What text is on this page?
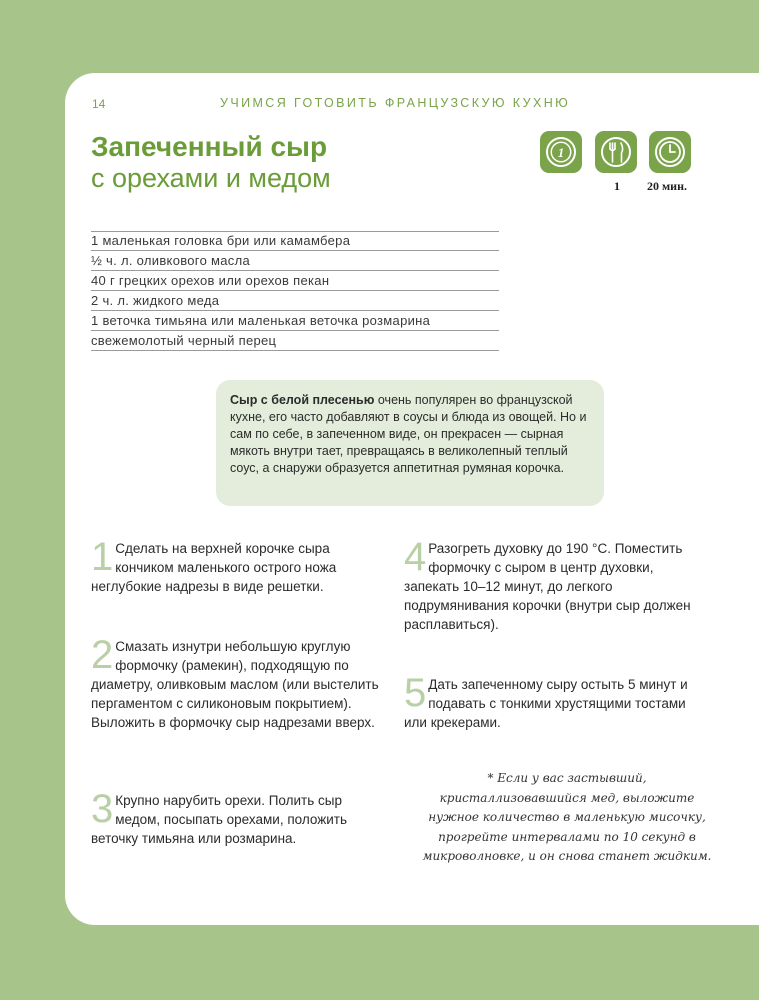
14	УЧИМСЯ ГОТОВИТЬ ФРАНЦУЗСКУЮ КУХНЮ
Запеченный сыр
с орехами и медом
1
1 20 мин.
1 маленькая головка бри или камамбера
½ ч. л. оливкового масла
40 г грецких орехов или орехов пекан
2 ч. л. жидкого меда
1 веточка тимьяна или маленькая веточка розмарина
свежемолотый черный перец
Сыр с белой плесенью очень популярен во французской кухне, его часто добавляют в соусы и блюда из овощей. Но и сам по себе, в запеченном виде, он прекрасен — сырная мякоть внутри тает, превращаясь в великолепный теплый соус, а снаружи образуется аппетитная румяная корочка.
1 Сделать на верхней корочке сыра кончиком маленького острого ножа неглубокие надрезы в виде решетки.
2 Смазать изнутри небольшую круглую формочку (рамекин), подходящую по диаметру, оливковым маслом (или выстелить пергаментом с силиконовым покрытием). Выложить в формочку сыр надрезами вверх.
3 Крупно нарубить орехи. Полить сыр медом, посыпать орехами, положить веточку тимьяна или розмарина.
4 Разогреть духовку до 190 °С. Поместить формочку с сыром в центр духовки, запекать 10–12 минут, до легкого подрумянивания корочки (внутри сыр должен расплавиться).
5 Дать запеченному сыру остыть 5 минут и подавать с тонкими хрустящими тостами или крекерами.
* Если у вас застывший, кристаллизовавшийся мед, выложите нужное количество в маленькую мисочку, прогрейте интервалами по 10 секунд в микроволновке, и он снова станет жидким.
